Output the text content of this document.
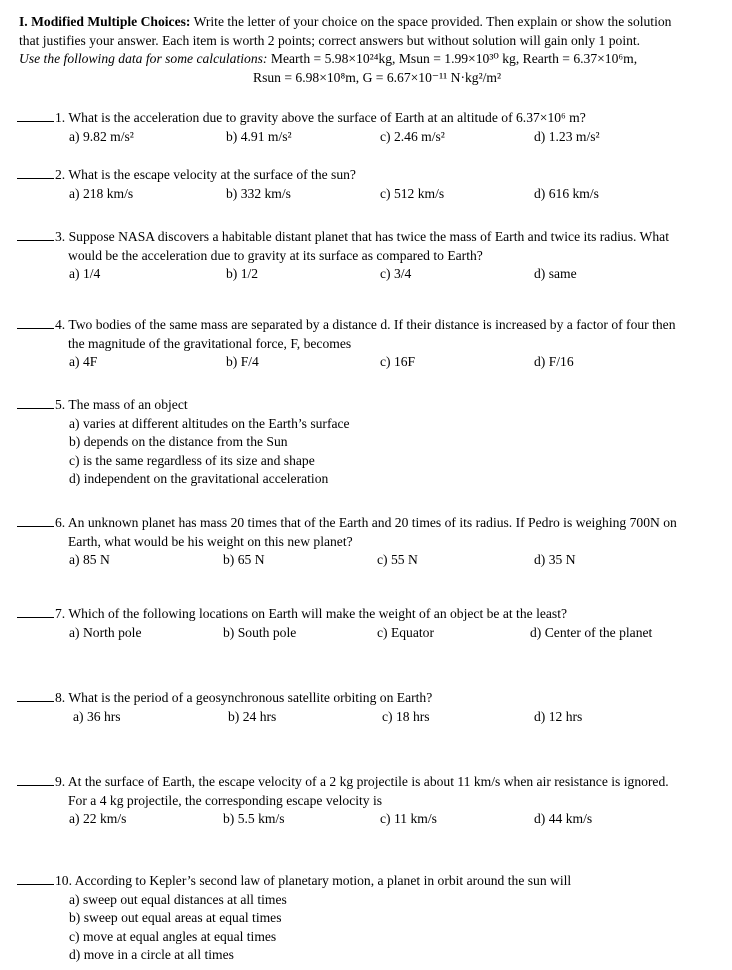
I. Modified Multiple Choices: Write the letter of your choice on the space provided. Then explain or show the solution
that justifies your answer. Each item is worth 2 points; correct answers but without solution will gain only 1 point.
Use the following data for some calculations: Mearth = 5.98×10²⁴kg, Msun = 1.99×10³⁰ kg, Rearth = 6.37×10⁶m,
Rsun = 6.98×10⁸m, G = 6.67×10⁻¹¹ N·kg²/m²
1. What is the acceleration due to gravity above the surface of Earth at an altitude of 6.37×10⁶ m?
a) 9.82 m/s²	b) 4.91 m/s²	c) 2.46 m/s²	d) 1.23 m/s²
2. What is the escape velocity at the surface of the sun?
a) 218 km/s	b) 332 km/s	c) 512 km/s	d) 616 km/s
3. Suppose NASA discovers a habitable distant planet that has twice the mass of Earth and twice its radius. What
would be the acceleration due to gravity at its surface as compared to Earth?
a) 1/4	b) 1/2	c) 3/4	d) same
4. Two bodies of the same mass are separated by a distance d. If their distance is increased by a factor of four then
the magnitude of the gravitational force, F, becomes
a) 4F	b) F/4	c) 16F	d) F/16
5. The mass of an object
a) varies at different altitudes on the Earth’s surface
b) depends on the distance from the Sun
c) is the same regardless of its size and shape
d) independent on the gravitational acceleration
6. An unknown planet has mass 20 times that of the Earth and 20 times of its radius. If Pedro is weighing 700N on
Earth, what would be his weight on this new planet?
a) 85 N	b) 65 N	c) 55 N	d) 35 N
7. Which of the following locations on Earth will make the weight of an object be at the least?
a) North pole	b) South pole	c) Equator	d) Center of the planet
8. What is the period of a geosynchronous satellite orbiting on Earth?
a) 36 hrs	b) 24 hrs	c) 18 hrs	d) 12 hrs
9. At the surface of Earth, the escape velocity of a 2 kg projectile is about 11 km/s when air resistance is ignored.
For a 4 kg projectile, the corresponding escape velocity is
a) 22 km/s	b) 5.5 km/s	c) 11 km/s	d) 44 km/s
10. According to Kepler’s second law of planetary motion, a planet in orbit around the sun will
a) sweep out equal distances at all times
b) sweep out equal areas at equal times
c) move at equal angles at equal times
d) move in a circle at all times
